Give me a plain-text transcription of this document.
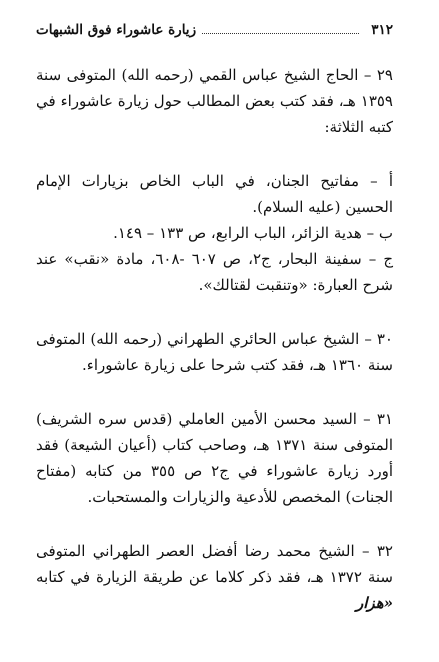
٣١٢
زيارة عاشوراء فوق الشبهات

٢٩ – الحاج الشيخ عباس القمي (رحمه الله) المتوفى سنة ١٣٥٩ هـ، فقد كتب بعض المطالب حول زيارة عاشوراء في كتبه الثلاثة:

أ – مفاتيح الجنان، في الباب الخاص بزيارات الإمام الحسين (عليه السلام).

ب – هدية الزائر، الباب الرابع، ص ١٣٣ – ١٤٩.

ج – سفينة البحار، ج٢، ص ٦٠٧ -٦٠٨، مادة «نقب» عند شرح العبارة: «وتنقبت لقتالك».

٣٠ – الشيخ عباس الحائري الطهراني (رحمه الله) المتوفى سنة ١٣٦٠ هـ، فقد كتب شرحا على زيارة عاشوراء.

٣١ – السيد محسن الأمين العاملي (قدس سره الشريف) المتوفى سنة ١٣٧١ هـ، وصاحب كتاب (أعيان الشيعة) فقد أورد زيارة عاشوراء في ج٢ ص ٣٥٥ من كتابه (مفتاح الجنات) المخصص للأدعية والزيارات والمستحبات.

٣٢ – الشيخ محمد رضا أفضل العصر الطهراني المتوفى سنة ١٣٧٢ هـ، فقد ذكر كلاما عن طريقة الزيارة في كتابه «هزار
